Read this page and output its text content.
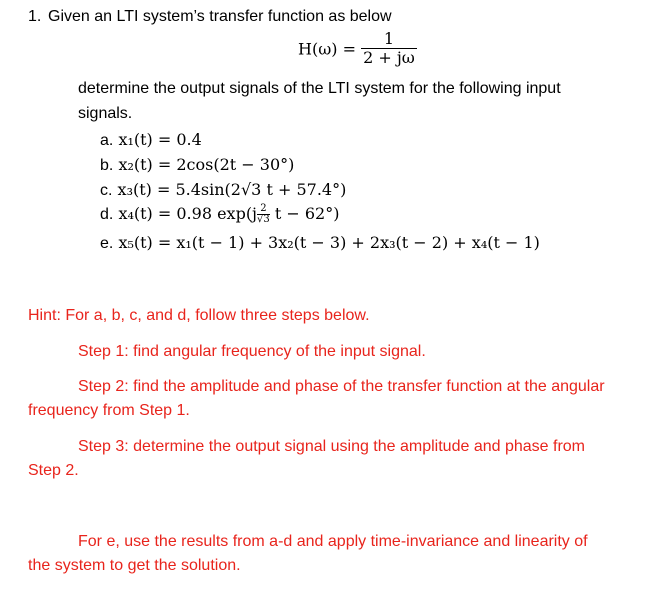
1. Given an LTI system’s transfer function as below
$H(\omega) = \frac{1}{2 + j\omega}$
determine the output signals of the LTI system for the following input
signals.
a. x₁(t) = 0.4
b. x₂(t) = 2cos(2t − 30°)
c. x₃(t) = 5.4sin(2√3 t + 57.4°)
d. x₄(t) = 0.98 $\exp(j \frac{2}{√3}$ t − 62°)
e. x₅(t) = x₁(t − 1) + 3x₂(t − 3) + 2x₃(t − 2) + x₄(t − 1)
Hint: For a, b, c, and d, follow three steps below.
Step 1: find angular frequency of the input signal.
Step 2: find the amplitude and phase of the transfer function at the angular
frequency from Step 1.
Step 3: determine the output signal using the amplitude and phase from
Step 2.
For e, use the results from a-d and apply time-invariance and linearity of
the system to get the solution.
